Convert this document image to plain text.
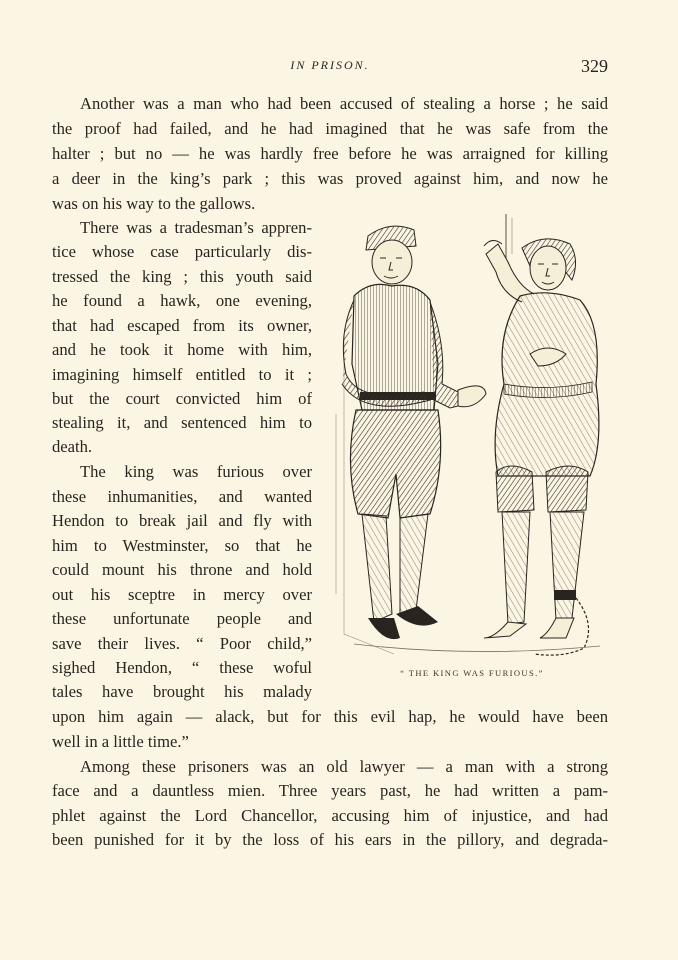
IN PRISON.	329
Another was a man who had been accused of stealing a horse ; he said
the proof had failed, and he had imagined that he was safe from the
halter ; but no — he was hardly free before he was arraigned for killing
a deer in the king’s park ; this was proved against him, and now he
was on his way to the gallows.
There was a tradesman’s appren-
tice whose case particularly dis-
tressed the king ; this youth said
he found a hawk, one evening,
that had escaped from its owner,
and he took it home with him,
imagining himself entitled to it ;
but the court convicted him of
stealing it, and sentenced him to
death.
The king was furious over
these inhumanities, and wanted
Hendon to break jail and fly with
him to Westminster, so that he
could mount his throne and hold
out his sceptre in mercy over
these unfortunate people and
save their lives. “ Poor child,”
sighed Hendon, “ these woful
tales have brought his malady
upon him again — alack, but for this evil hap, he would have been
well in a little time.”
Among these prisoners was an old lawyer — a man with a strong
face and a dauntless mien. Three years past, he had written a pam-
phlet against the Lord Chancellor, accusing him of injustice, and had
been punished for it by the loss of his ears in the pillory, and degrada-
“ THE KING WAS FURIOUS.”
